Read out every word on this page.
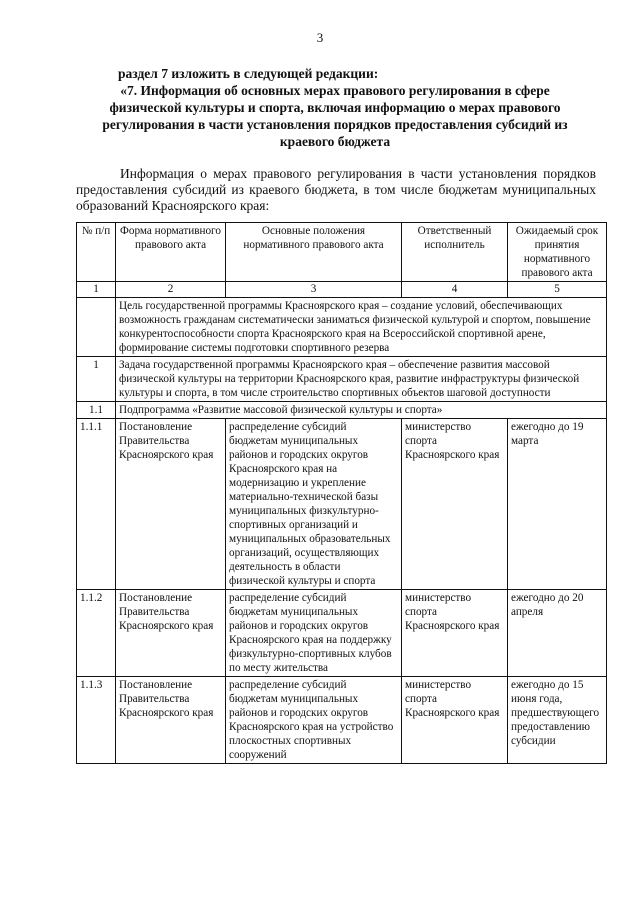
3
раздел 7 изложить в следующей редакции:
«7. Информация об основных мерах правового регулирования в сфере физической культуры и спорта, включая информацию о мерах правового регулирования в части установления порядков предоставления субсидий из краевого бюджета
Информация о мерах правового регулирования в части установления порядков предоставления субсидий из краевого бюджета, в том числе бюджетам муниципальных образований Красноярского края:
№ п/п	Форма нормативного правового акта	Основные положения нормативного правового акта	Ответственный исполнитель	Ожидаемый срок принятия нормативного правового акта
1	2	3	4	5
	Цель государственной программы Красноярского края – создание условий, обеспечивающих возможность гражданам систематически заниматься физической культурой и спортом, повышение конкурентоспособности спорта Красноярского края на Всероссийской спортивной арене, формирование системы подготовки спортивного резерва			
1	Задача государственной программы Красноярского края – обеспечение развития массовой физической культуры на территории Красноярского края, развитие инфраструктуры физической культуры и спорта, в том числе строительство спортивных объектов шаговой доступности			
1.1	Подпрограмма «Развитие массовой физической культуры и спорта»			
1.1.1	Постановление Правительства Красноярского края	распределение субсидий бюджетам муниципальных районов и городских округов Красноярского края на модернизацию и укрепление материально-технической базы муниципальных физкультурно-спортивных организаций и муниципальных образовательных организаций, осуществляющих деятельность в области физической культуры и спорта	министерство спорта Красноярского края	ежегодно до 19 марта
1.1.2	Постановление Правительства Красноярского края	распределение субсидий бюджетам муниципальных районов и городских округов Красноярского края на поддержку физкультурно-спортивных клубов по месту жительства	министерство спорта Красноярского края	ежегодно до 20 апреля
1.1.3	Постановление Правительства Красноярского края	распределение субсидий бюджетам муниципальных районов и городских округов Красноярского края на устройство плоскостных спортивных сооружений	министерство спорта Красноярского края	ежегодно до 15 июня года, предшествующего предоставлению субсидии
